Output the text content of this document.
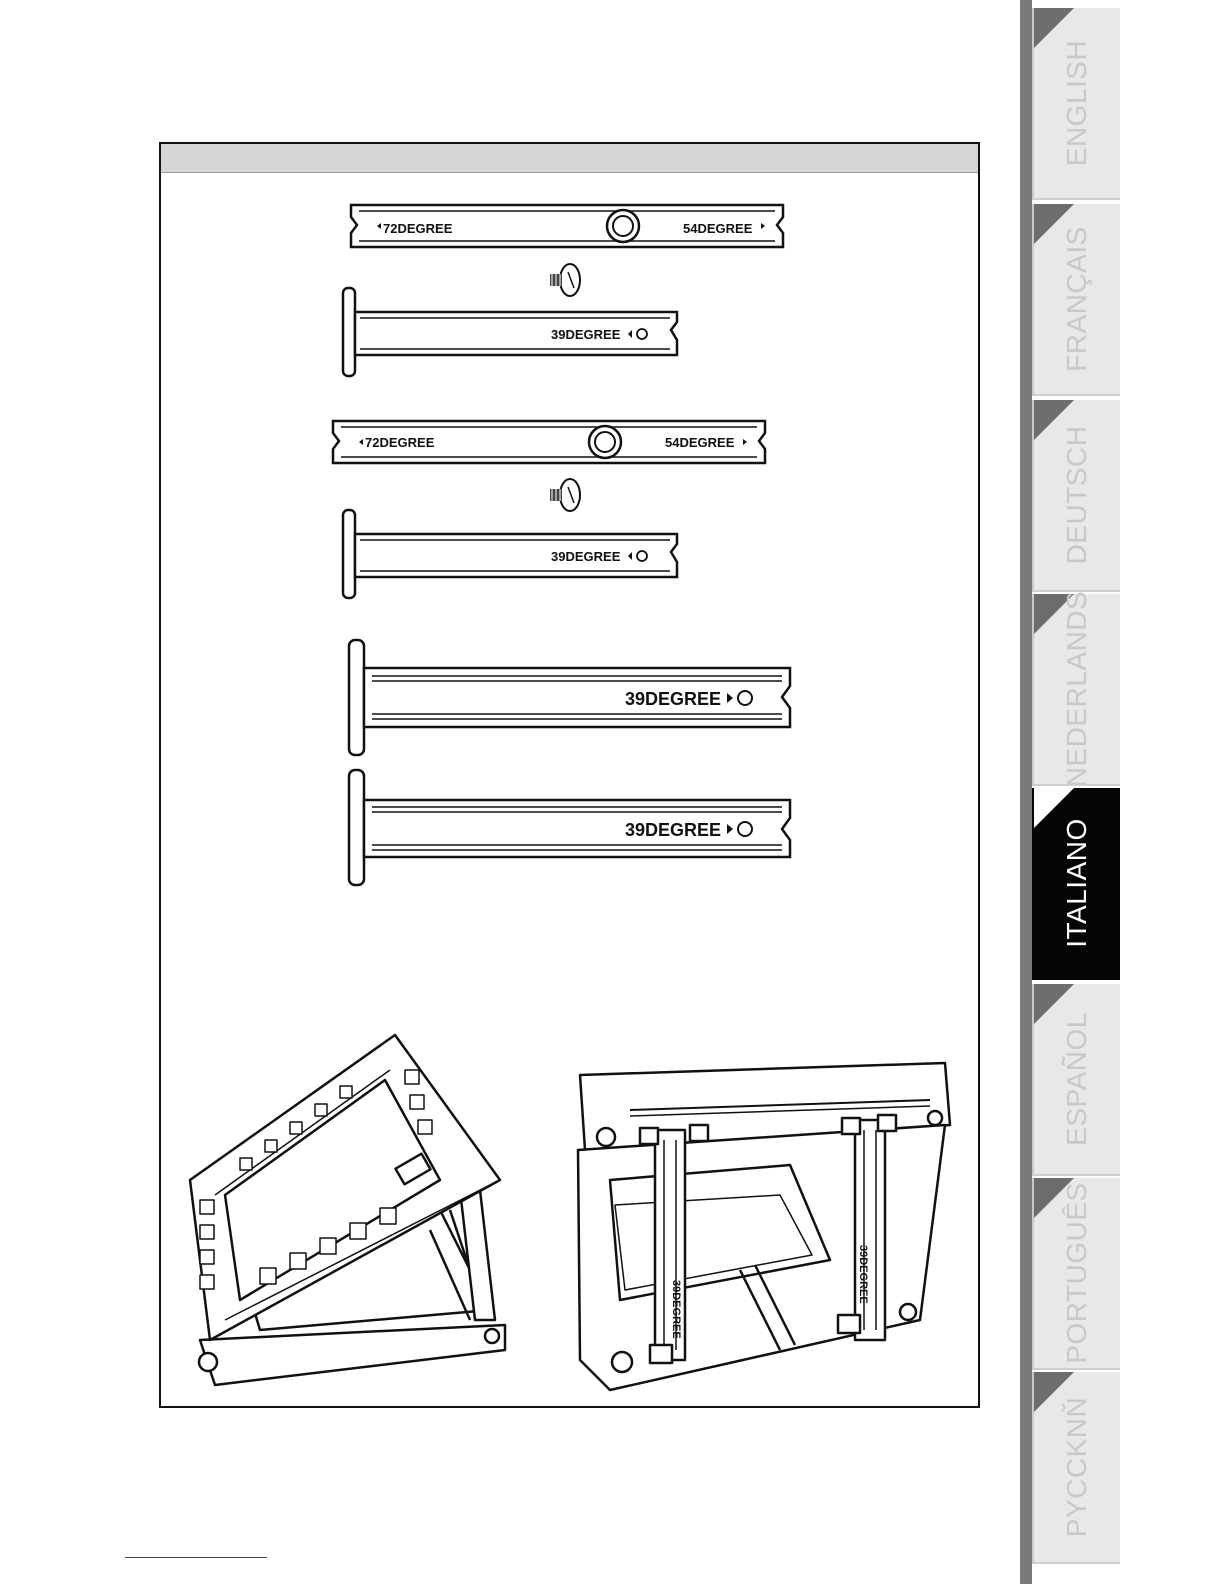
72DEGREE	54DEGREE
39DEGREE
72DEGREE	54DEGREE
39DEGREE
39DEGREE
39DEGREE
39DEGREE
39DEGREE
ENGLISH
FRANÇAIS
DEUTSCH
NEDERLANDS
ITALIANO
ESPAÑOL
PORTUGUÊS
PYCCKNŇ
